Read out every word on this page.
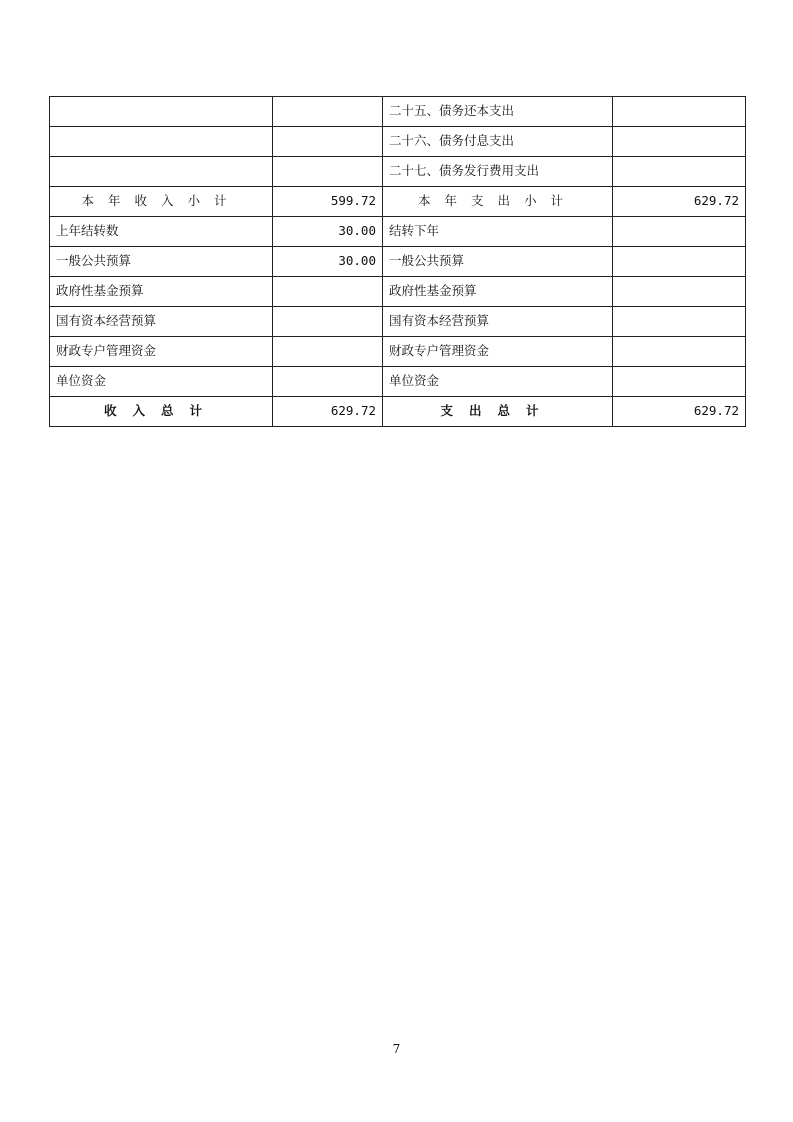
		二十五、债务还本支出	
		二十六、债务付息支出	
		二十七、债务发行费用支出	
本年收入小计	599.72	本年支出小计	629.72
上年结转数	30.00	结转下年	
一般公共预算	30.00	一般公共预算	
政府性基金预算		政府性基金预算	
国有资本经营预算		国有资本经营预算	
财政专户管理资金		财政专户管理资金	
单位资金		单位资金	
收入总计	629.72	支出总计	629.72
7
